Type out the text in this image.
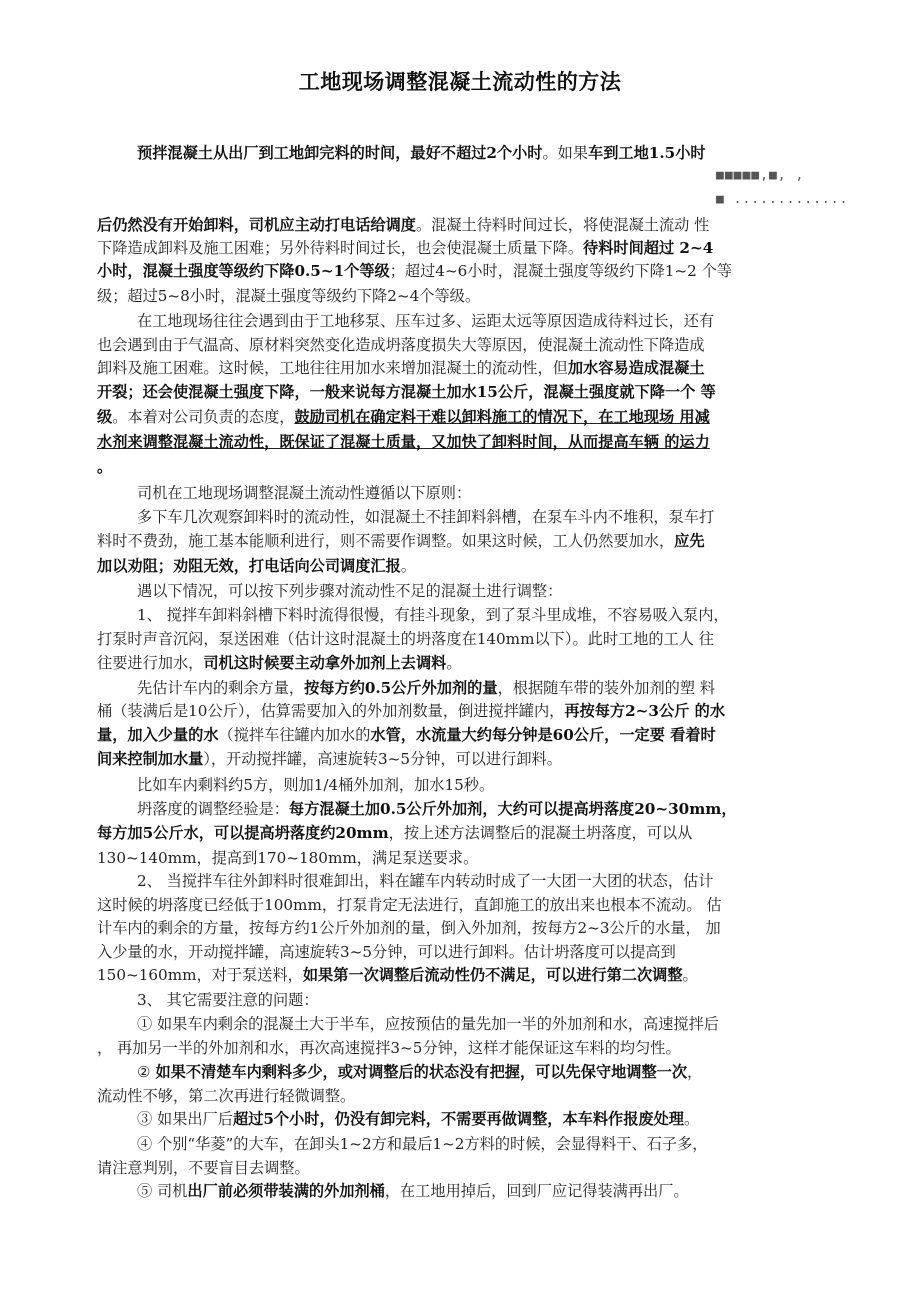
工地现场调整混凝土流动性的方法
■■■■■,■, ,
■ .............
预拌混凝土从出厂到工地卸完料的时间，最好不超过2个小时。如果车到工地1.5小时
后仍然没有开始卸料，司机应主动打电话给调度。混凝土待料时间过长，将使混凝土流动 性
下降造成卸料及施工困难；另外待料时间过长，也会使混凝土质量下降。待料时间超过 2~4
小时，混凝土强度等级约下降0.5~1个等级；超过4~6小时，混凝土强度等级约下降1~2 个等
级；超过5~8小时，混凝土强度等级约下降2~4个等级。
在工地现场往往会遇到由于工地移泵、压车过多、运距太远等原因造成待料过长，还有
也会遇到由于气温高、原材料突然变化造成坍落度损失大等原因，使混凝土流动性下降造成
卸料及施工困难。这时候，工地往往用加水来增加混凝土的流动性，但加水容易造成混凝土
开裂；还会使混凝土强度下降，一般来说每方混凝土加水15公斤，混凝土强度就下降一个 等
级。本着对公司负责的态度，鼓励司机在确定料干难以卸料施工的情况下，在工地现场 用减
水剂来调整混凝土流动性，既保证了混凝土质量，又加快了卸料时间，从而提高车辆 的运力
。
司机在工地现场调整混凝土流动性遵循以下原则：
多下车几次观察卸料时的流动性，如混凝土不挂卸料斜槽，在泵车斗内不堆积，泵车打
料时不费劲，施工基本能顺利进行，则不需要作调整。如果这时候，工人仍然要加水，应先
加以劝阻；劝阻无效，打电话向公司调度汇报。
遇以下情况，可以按下列步骤对流动性不足的混凝土进行调整：
1、 搅拌车卸料斜槽下料时流得很慢，有挂斗现象，到了泵斗里成堆，不容易吸入泵内，
打泵时声音沉闷，泵送困难（估计这时混凝土的坍落度在140mm以下）。此时工地的工人 往
往要进行加水，司机这时候要主动拿外加剂上去调料。
先估计车内的剩余方量，按每方约0.5公斤外加剂的量，根据随车带的装外加剂的塑 料
桶（装满后是10公斤），估算需要加入的外加剂数量，倒进搅拌罐内，再按每方2~3公斤 的水
量，加入少量的水（搅拌车往罐内加水的水管，水流量大约每分钟是60公斤，一定要 看着时
间来控制加水量），开动搅拌罐，高速旋转3~5分钟，可以进行卸料。
比如车内剩料约5方，则加1/4桶外加剂，加水15秒。
坍落度的调整经验是：每方混凝土加0.5公斤外加剂，大约可以提高坍落度20~30mm，
每方加5公斤水，可以提高坍落度约20mm，按上述方法调整后的混凝土坍落度，可以从
130~140mm，提高到170~180mm，满足泵送要求。
2、 当搅拌车往外卸料时很难卸出，料在罐车内转动时成了一大团一大团的状态，估计
这时候的坍落度已经低于100mm，打泵肯定无法进行，直卸施工的放出来也根本不流动。 估
计车内的剩余的方量，按每方约1公斤外加剂的量，倒入外加剂，按每方2~3公斤的水量， 加
入少量的水，开动搅拌罐，高速旋转3~5分钟，可以进行卸料。估计坍落度可以提高到
150~160mm，对于泵送料，如果第一次调整后流动性仍不满足，可以进行第二次调整。
3、 其它需要注意的问题：
① 如果车内剩余的混凝土大于半车，应按预估的量先加一半的外加剂和水，高速搅拌后
， 再加另一半的外加剂和水，再次高速搅拌3~5分钟，这样才能保证这车料的均匀性。
② 如果不清楚车内剩料多少，或对调整后的状态没有把握，可以先保守地调整一次，
流动性不够，第二次再进行轻微调整。
③ 如果出厂后超过5个小时，仍没有卸完料，不需要再做调整，本车料作报废处理。
④ 个别“华菱”的大车，在卸头1~2方和最后1~2方料的时候，会显得料干、石子多，
请注意判别，不要盲目去调整。
⑤ 司机出厂前必须带装满的外加剂桶，在工地用掉后，回到厂应记得装满再出厂。
